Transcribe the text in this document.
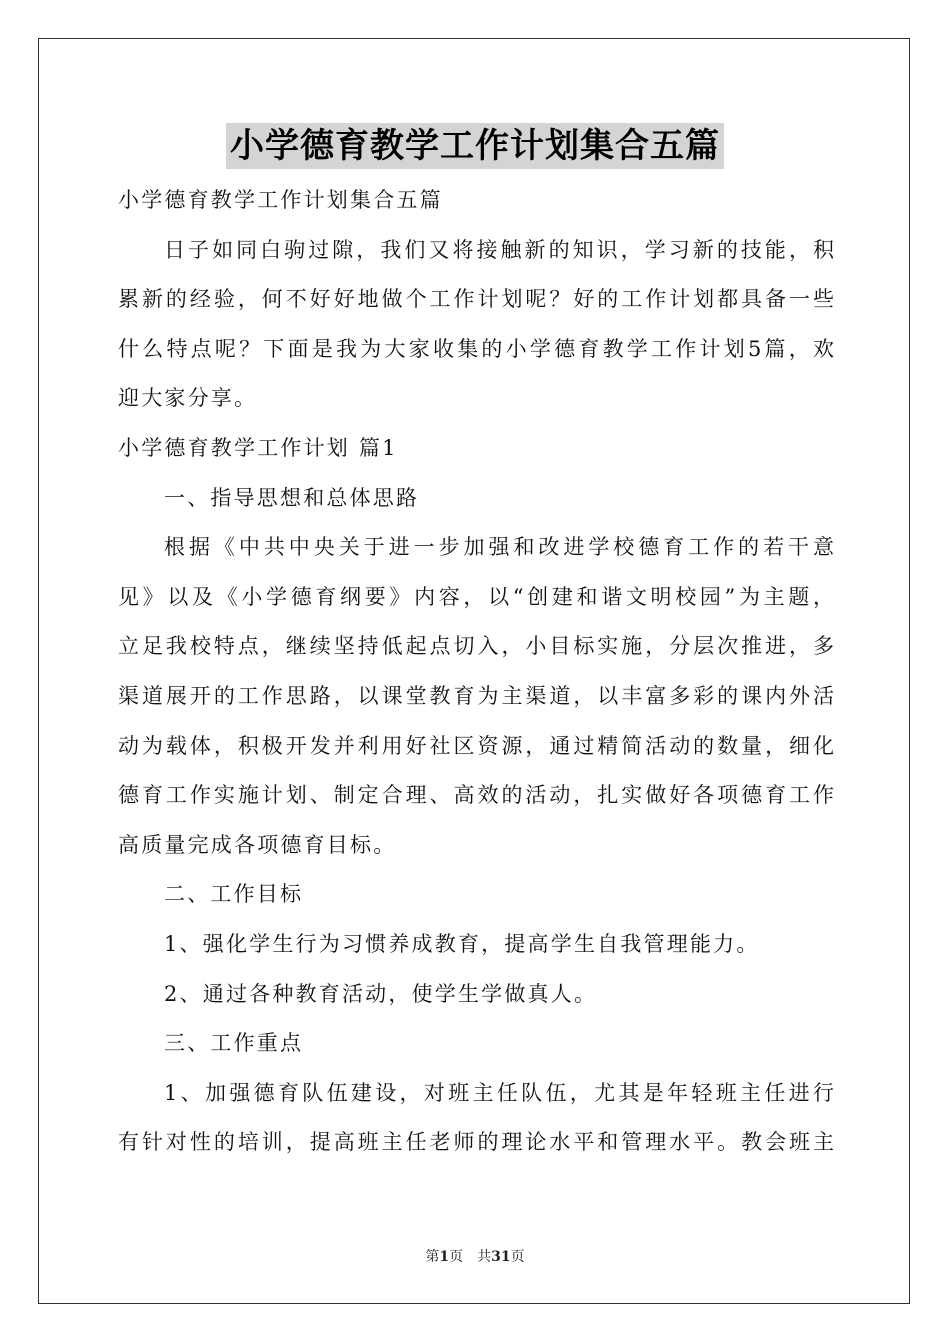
小学德育教学工作计划集合五篇
小学德育教学工作计划集合五篇
日子如同白驹过隙，我们又将接触新的知识，学习新的技能，积
累新的经验，何不好好地做个工作计划呢？好的工作计划都具备一些
什么特点呢？下面是我为大家收集的小学德育教学工作计划5篇，欢
迎大家分享。
小学德育教学工作计划 篇1
一、指导思想和总体思路
根据《中共中央关于进一步加强和改进学校德育工作的若干意
见》以及《小学德育纲要》内容，以“创建和谐文明校园”为主题，
立足我校特点，继续坚持低起点切入，小目标实施，分层次推进，多
渠道展开的工作思路，以课堂教育为主渠道，以丰富多彩的课内外活
动为载体，积极开发并利用好社区资源，通过精简活动的数量，细化
德育工作实施计划、制定合理、高效的活动，扎实做好各项德育工作
高质量完成各项德育目标。
二、工作目标
1、强化学生行为习惯养成教育，提高学生自我管理能力。
2、通过各种教育活动，使学生学做真人。
三、工作重点
1、加强德育队伍建设，对班主任队伍，尤其是年轻班主任进行
有针对性的培训，提高班主任老师的理论水平和管理水平。教会班主
第1页　共31页
